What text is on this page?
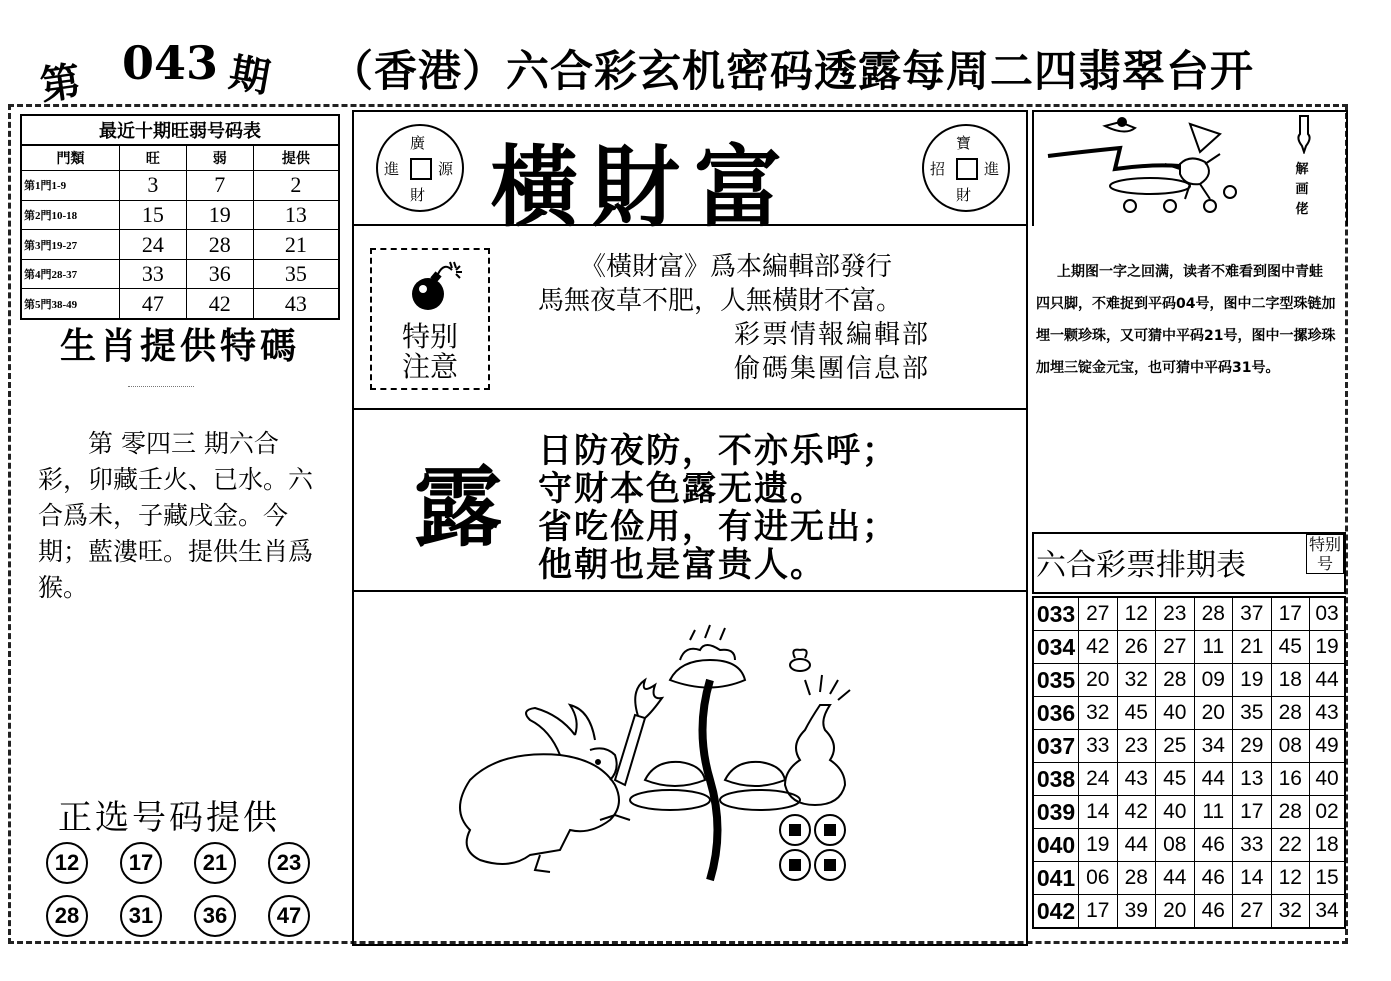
第 043 期 （香港）六合彩玄机密码透露每周二四翡翠台开
最近十期旺弱号码表
門類	旺	弱	提供
第1門1-9	3	7	2
第2門10-18	15	19	13
第3門19-27	24	28	21
第4門28-37	33	36	35
第5門38-49	47	42	43
生肖提供特碼
第 零四三 期六合彩，卯藏壬火、已水。六合爲未，子藏戌金。今期；藍漊旺。提供生肖爲猴。
正选号码提供
12	17	21	23
28	31	36	47
廣
進	源
財 橫財富	寶
招	進
財
特别
注意
《橫財富》爲本編輯部發行
馬無夜草不肥，人無橫財不富。
彩票情報編輯部
偷碼集團信息部
露
日防夜防，不亦乐呼；
守财本色露无遗。
省吃俭用，有进无出；
他朝也是富贵人。
解
画
佬
上期图一字之回满，读者不难看到图中青蛙四只脚，不难捉到平码04号，图中二字型珠链加埋一颗珍珠，又可猜中平码21号，图中一摞珍珠加埋三锭金元宝，也可猜中平码31号。
六合彩票排期表
特别
号
033	27	12	23	28	37	17	03
034	42	26	27	11	21	45	19
035	20	32	28	09	19	18	44
036	32	45	40	20	35	28	43
037	33	23	25	34	29	08	49
038	24	43	45	44	13	16	40
039	14	42	40	11	17	28	02
040	19	44	08	46	33	22	18
041	06	28	44	46	14	12	15
042	17	39	20	46	27	32	34
